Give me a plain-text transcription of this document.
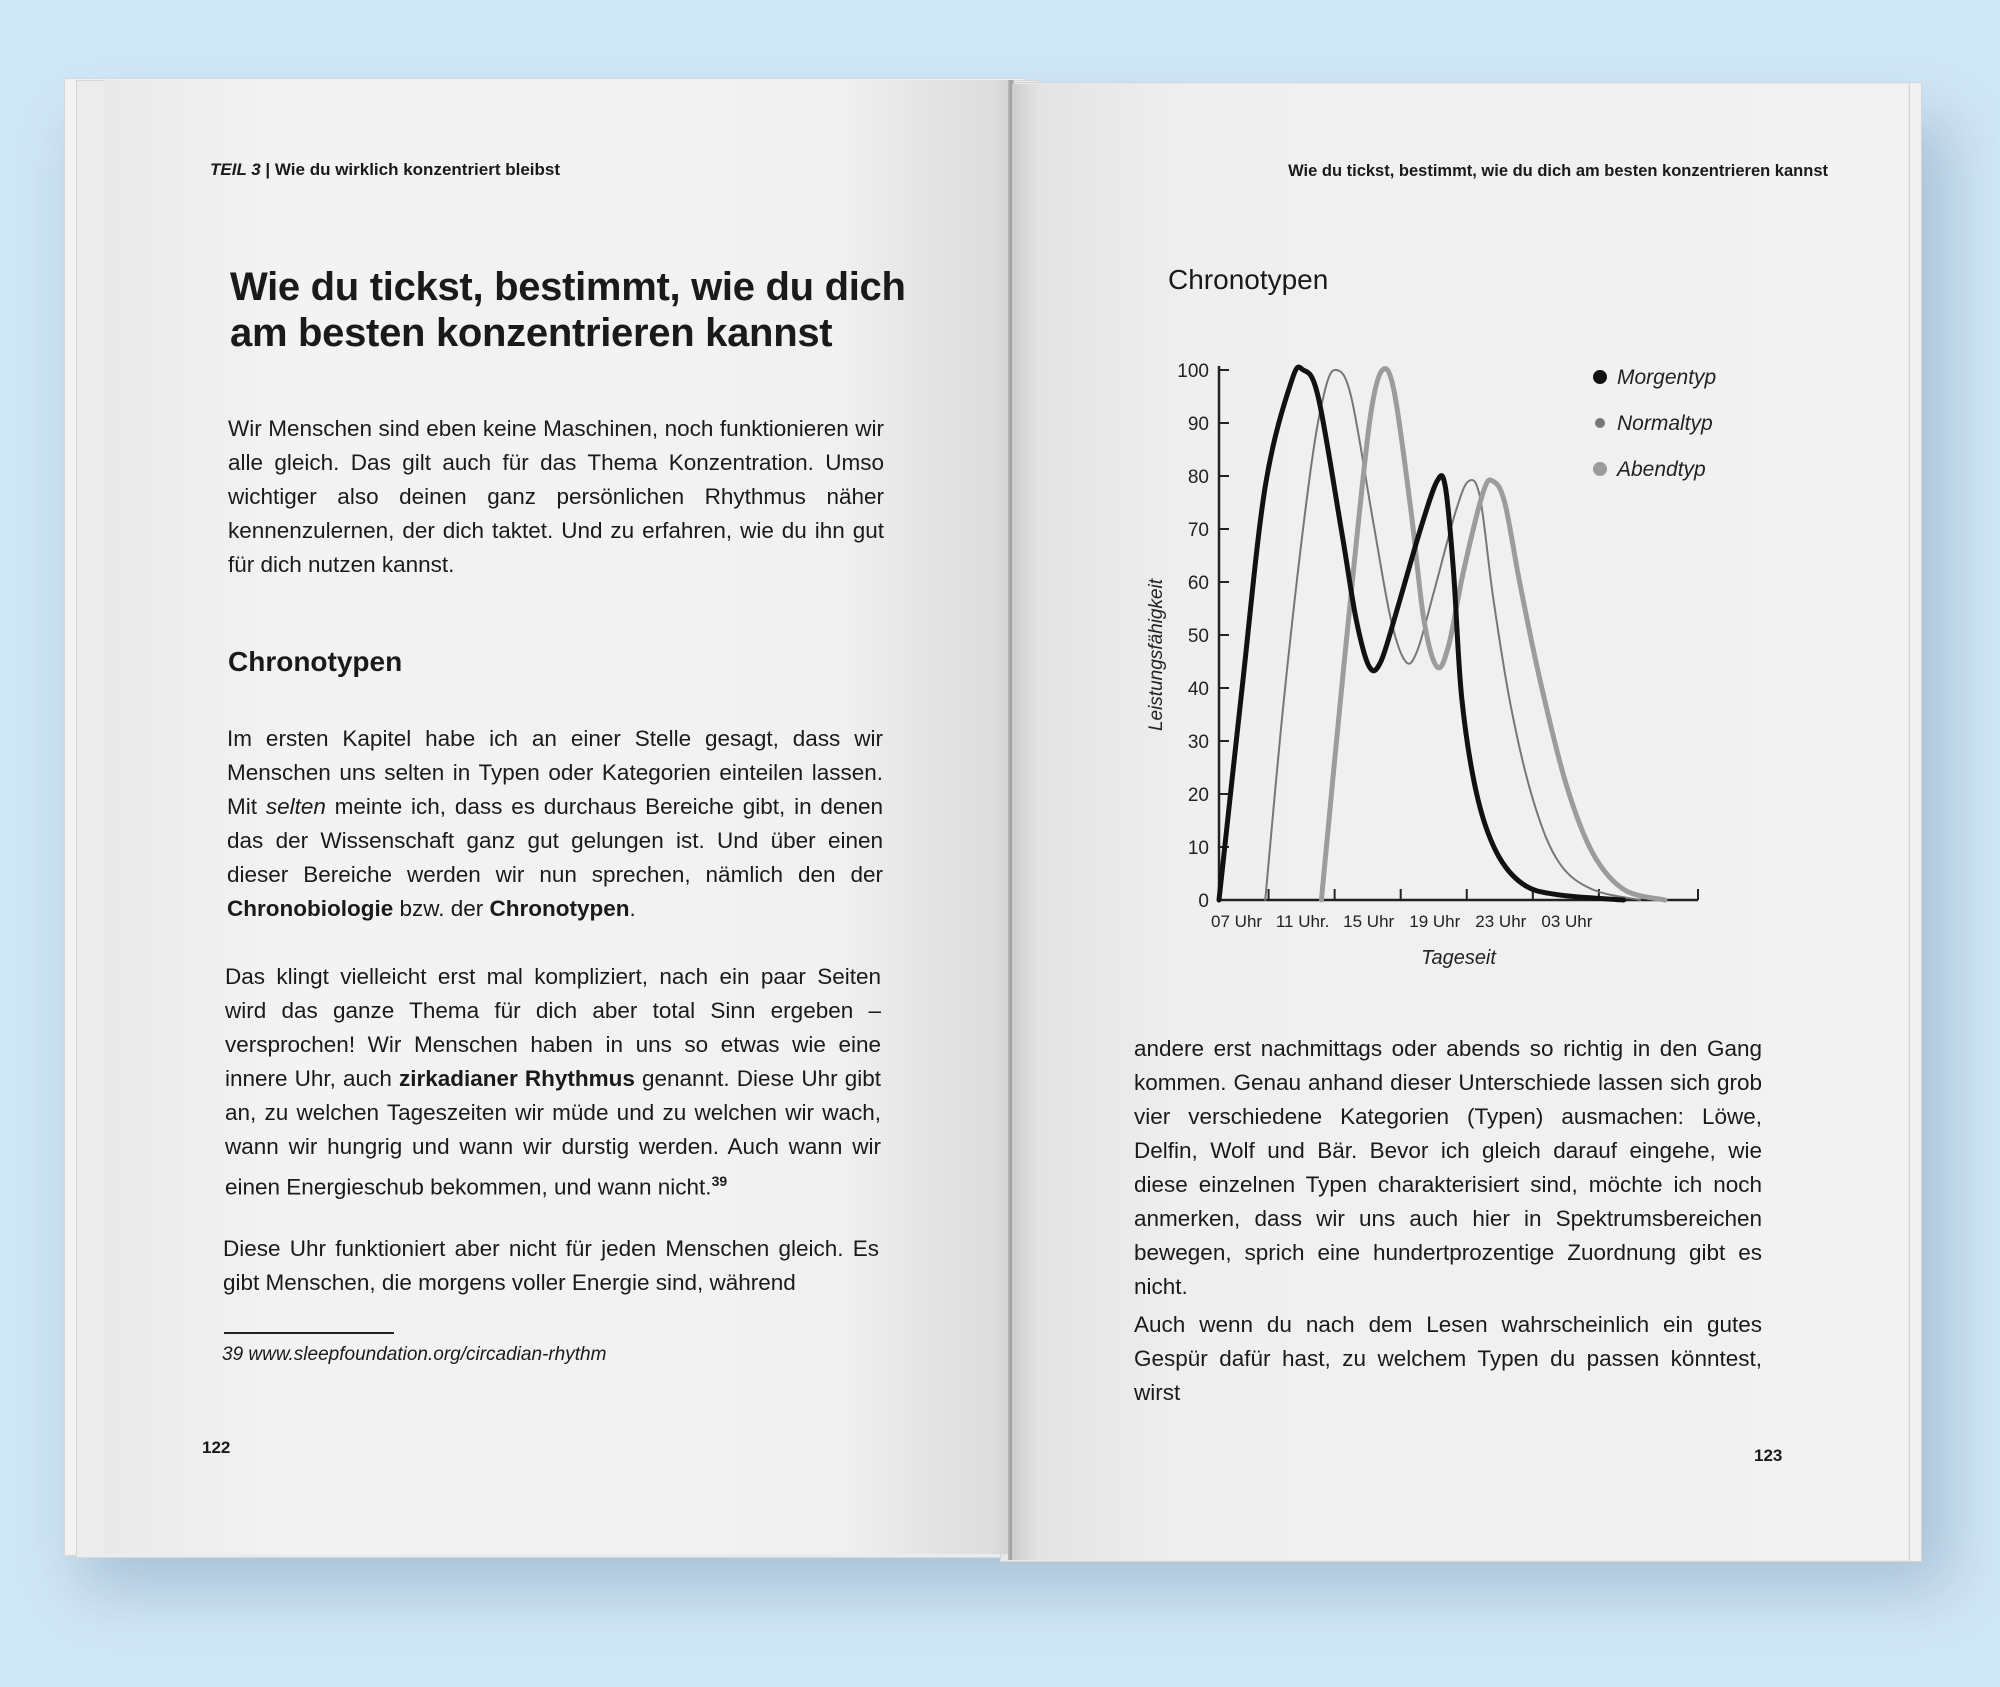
TEIL 3 | Wie du wirklich konzentriert bleibst
Wie du tickst, bestimmt, wie du dich
am besten konzentrieren kannst

Wir Menschen sind eben keine Maschinen, noch funktionieren wir alle gleich. Das gilt auch für das Thema Konzentration. Umso wichtiger also deinen ganz persönlichen Rhythmus näher kennenzulernen, der dich taktet. Und zu erfahren, wie du ihn gut für dich nutzen kannst.

Chronotypen

Im ersten Kapitel habe ich an einer Stelle gesagt, dass wir Menschen uns selten in Typen oder Kategorien einteilen lassen. Mit selten meinte ich, dass es durchaus Bereiche gibt, in denen das der Wissenschaft ganz gut gelungen ist. Und über einen dieser Bereiche werden wir nun sprechen, nämlich den der Chronobiologie bzw. der Chronotypen.

Das klingt vielleicht erst mal kompliziert, nach ein paar Seiten wird das ganze Thema für dich aber total Sinn ergeben – versprochen! Wir Menschen haben in uns so etwas wie eine innere Uhr, auch zirkadianer Rhythmus genannt. Diese Uhr gibt an, zu welchen Tageszeiten wir müde und zu welchen wir wach, wann wir hungrig und wann wir durstig werden. Auch wann wir einen Energieschub bekommen, und wann nicht.$^{39}$

Diese Uhr funktioniert aber nicht für jeden Menschen gleich. Es gibt Menschen, die morgens voller Energie sind, während

39 www.sleepfoundation.org/circadian-rhythm
122
Wie du tickst, bestimmt, wie du dich am besten konzentrieren kannst
Chronotypen
0
10
20
30
40
50
60
70
80
90
100
07 Uhr 11 Uhr. 15 Uhr 19 Uhr 23 Uhr 03 Uhr
Tageseit
Leistungsfähigkeit
Morgentyp
Normaltyp
Abendtyp

andere erst nachmittags oder abends so richtig in den Gang kommen. Genau anhand dieser Unterschiede lassen sich grob vier verschiedene Kategorien (Typen) ausmachen: Löwe, Delfin, Wolf und Bär. Bevor ich gleich darauf eingehe, wie diese einzelnen Typen charakterisiert sind, möchte ich noch anmerken, dass wir uns auch hier in Spektrumsbereichen bewegen, sprich eine hundertprozentige Zuordnung gibt es nicht.

Auch wenn du nach dem Lesen wahrscheinlich ein gutes Gespür dafür hast, zu welchem Typen du passen könntest, wirst

123
